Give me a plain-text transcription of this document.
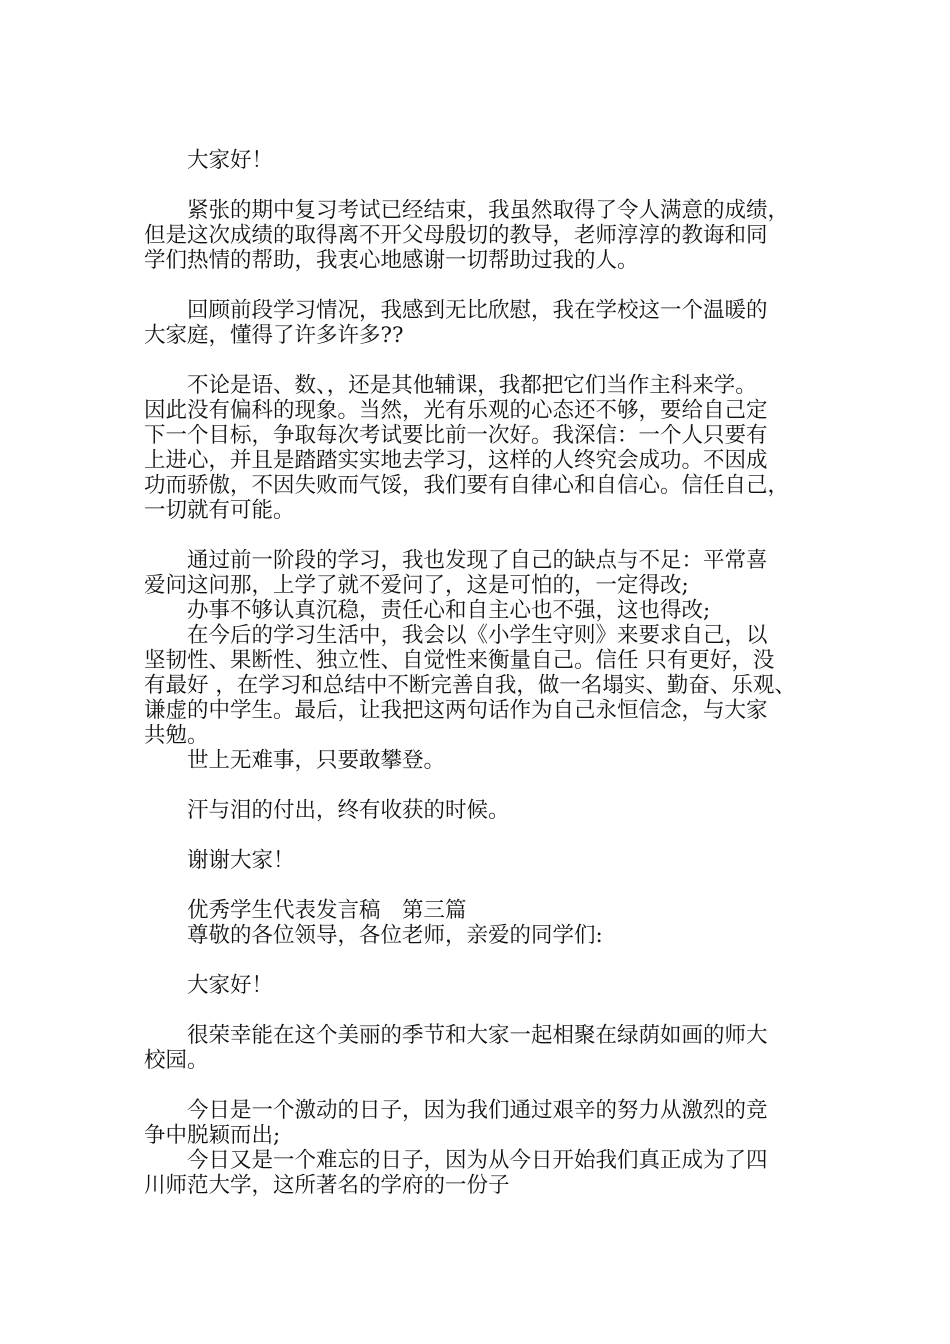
　　大家好！

　　紧张的期中复习考试已经结束，我虽然取得了令人满意的成绩，

但是这次成绩的取得离不开父母殷切的教导，老师淳淳的教诲和同

学们热情的帮助，我衷心地感谢一切帮助过我的人。

　　回顾前段学习情况，我感到无比欣慰，我在学校这一个温暖的

大家庭，懂得了许多许多??

　　不论是语、数、，还是其他辅课，我都把它们当作主科来学。

因此没有偏科的现象。当然，光有乐观的心态还不够，要给自己定

下一个目标，争取每次考试要比前一次好。我深信：一个人只要有

上进心，并且是踏踏实实地去学习，这样的人终究会成功。不因成

功而骄傲，不因失败而气馁，我们要有自律心和自信心。信任自己，

一切就有可能。

　　通过前一阶段的学习，我也发现了自己的缺点与不足：平常喜

爱问这问那，上学了就不爱问了，这是可怕的，一定得改;

　　办事不够认真沉稳，责任心和自主心也不强，这也得改;

　　在今后的学习生活中，我会以《小学生守则》来要求自己，以

坚韧性、果断性、独立性、自觉性来衡量自己。信任 只有更好，没

有最好 ，在学习和总结中不断完善自我，做一名塌实、勤奋、乐观、

谦虚的中学生。最后，让我把这两句话作为自己永恒信念，与大家

共勉。

　　世上无难事，只要敢攀登。

　　汗与泪的付出，终有收获的时候。

　　谢谢大家！

　　优秀学生代表发言稿　第三篇

　　尊敬的各位领导，各位老师，亲爱的同学们:

　　大家好！

　　很荣幸能在这个美丽的季节和大家一起相聚在绿荫如画的师大

校园。

　　今日是一个激动的日子，因为我们通过艰辛的努力从激烈的竞

争中脱颖而出;

　　今日又是一个难忘的日子，因为从今日开始我们真正成为了四

川师范大学，这所著名的学府的一份子
